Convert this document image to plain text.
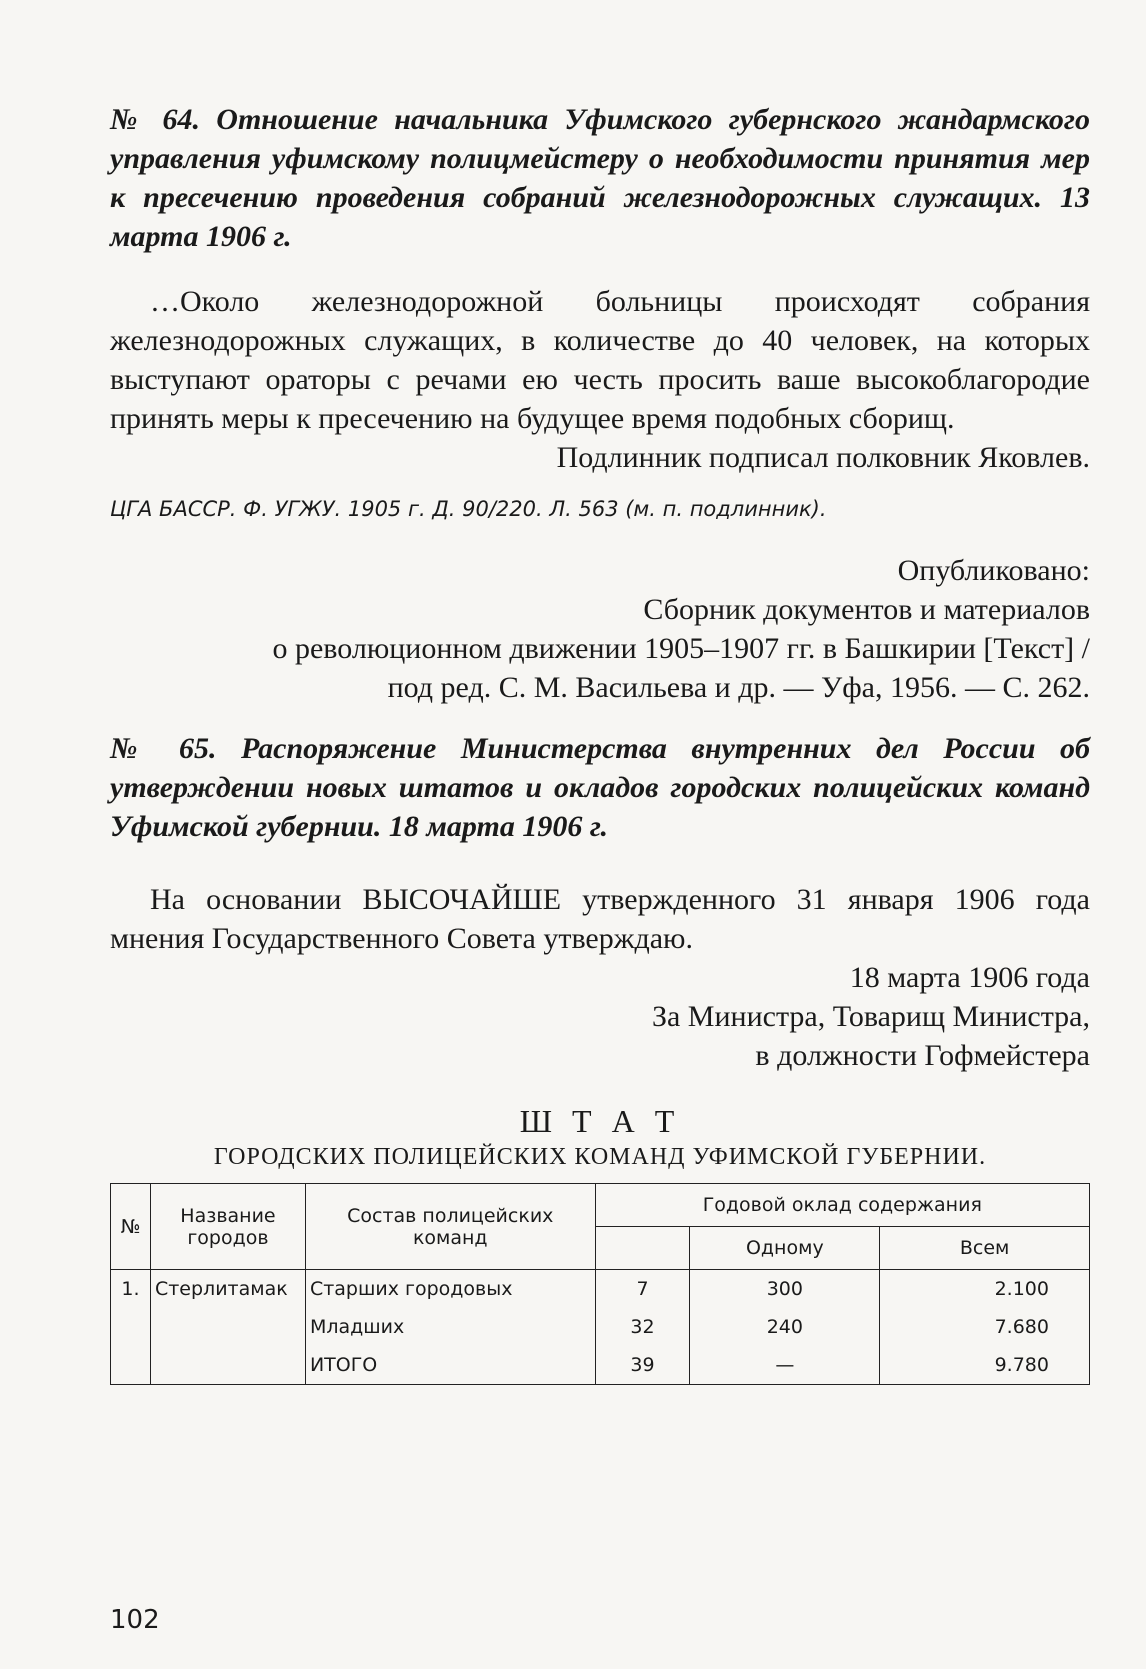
№ 64. Отношение начальника Уфимского губернского жандармского управления уфимскому полицмейстеру о необходимости принятия мер к пресечению проведения собраний железнодорожных служащих. 13 марта 1906 г.

…Около железнодорожной больницы происходят собрания железнодорожных служащих, в количестве до 40 человек, на которых выступают ораторы с речами ею честь просить ваше высокоблагородие принять меры к пресечению на будущее время подобных сборищ.

Подлинник подписал полковник Яковлев.

ЦГА БАССР. Ф. УГЖУ. 1905 г. Д. 90/220. Л. 563 (м. п. подлинник).

Опубликовано:

Сборник документов и материалов

о революционном движении 1905–1907 гг. в Башкирии [Текст] /

под ред. С. М. Васильева и др. — Уфа, 1956. — С. 262.

№ 65. Распоряжение Министерства внутренних дел России об утверждении новых штатов и окладов городских полицейских команд Уфимской губернии. 18 марта 1906 г.

На основании ВЫСОЧАЙШЕ утвержденного 31 января 1906 года мнения Государственного Совета утверждаю.

18 марта 1906 года

За Министра, Товарищ Министра,

в должности Гофмейстера

Ш Т А Т

ГОРОДСКИХ ПОЛИЦЕЙСКИХ КОМАНД УФИМСКОЙ ГУБЕРНИИ.

№	Название городов	Состав полицейских команд	Годовой оклад содержания		
				Одному	Всем
1.	Стерлитамак	Старших городовых	7	300	2.100
		Младших	32	240	7.680
		ИТОГО	39	—	9.780
102
